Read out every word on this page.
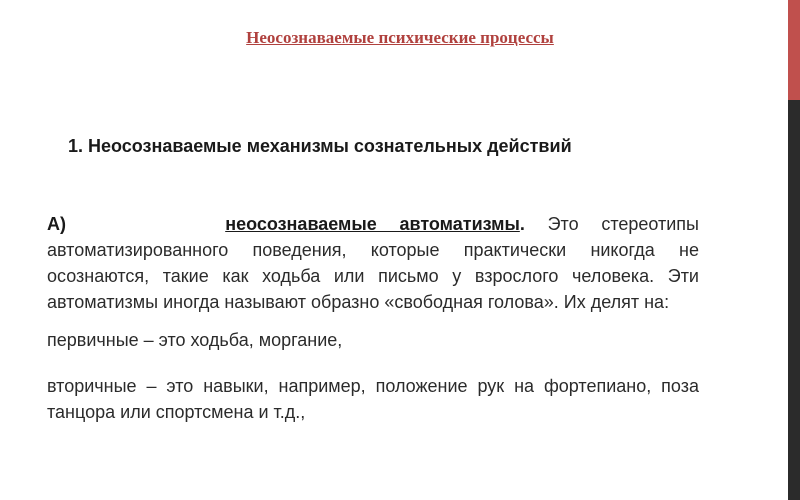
Неосознаваемые психические процессы
1. Неосознаваемые механизмы сознательных действий

А)	неосознаваемые автоматизмы. Это стереотипы автоматизированного поведения, которые практически никогда не осознаются, такие как ходьба или письмо у взрослого человека. Эти автоматизмы иногда называют образно «свободная голова». Их делят на:

первичные – это ходьба, моргание,

вторичные – это навыки, например, положение рук на фортепиано, поза танцора или спортсмена и т.д.,
